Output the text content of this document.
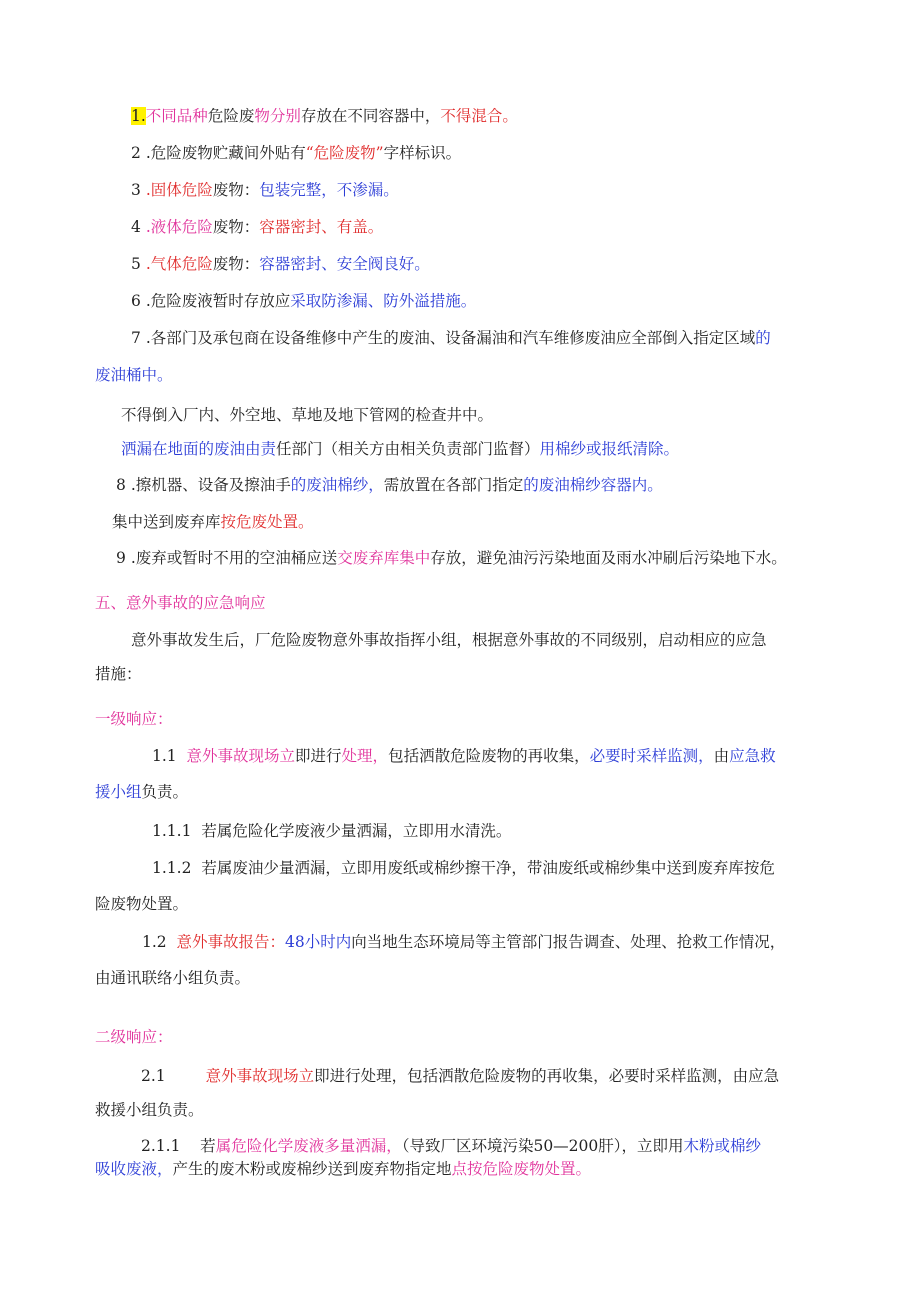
1.不同品种危险废物分别存放在不同容器中，不得混合。
2 .危险废物贮藏间外贴有“危险废物”字样标识。
3 .固体危险废物：包装完整，不渗漏。
4 .液体危险废物：容器密封、有盖。
5 .气体危险废物：容器密封、安全阀良好。
6 .危险废液暂时存放应采取防渗漏、防外溢措施。
7 .各部门及承包商在设备维修中产生的废油、设备漏油和汽车维修废油应全部倒入指定区域的
废油桶中。
不得倒入厂内、外空地、草地及地下管网的检查井中。
洒漏在地面的废油由责任部门（相关方由相关负责部门监督）用棉纱或报纸清除。
8 .擦机器、设备及擦油手的废油棉纱，需放置在各部门指定的废油棉纱容器内。
集中送到废弃库按危废处置。
9 .废弃或暂时不用的空油桶应送交废弃库集中存放，避免油污污染地面及雨水冲刷后污染地下水。
五、意外事故的应急响应
意外事故发生后，厂危险废物意外事故指挥小组，根据意外事故的不同级别，启动相应的应急
措施：
一级响应：
1.1 意外事故现场立即进行处理，包括洒散危险废物的再收集，必要时采样监测，由应急救
援小组负责。
1.1.1 若属危险化学废液少量洒漏，立即用水清洗。
1.1.2 若属废油少量洒漏，立即用废纸或棉纱擦干净，带油废纸或棉纱集中送到废弃库按危
险废物处置。
1.2 意外事故报告：48小时内向当地生态环境局等主管部门报告调查、处理、抢救工作情况，
由通讯联络小组负责。
二级响应：
2.1	意外事故现场立即进行处理，包括洒散危险废物的再收集，必要时采样监测，由应急
救援小组负责。
2.1.1 若属危险化学废液多量洒漏，（导致厂区环境污染50—200肝），立即用木粉或棉纱
吸收废液，产生的废木粉或废棉纱送到废弃物指定地点按危险废物处置。
